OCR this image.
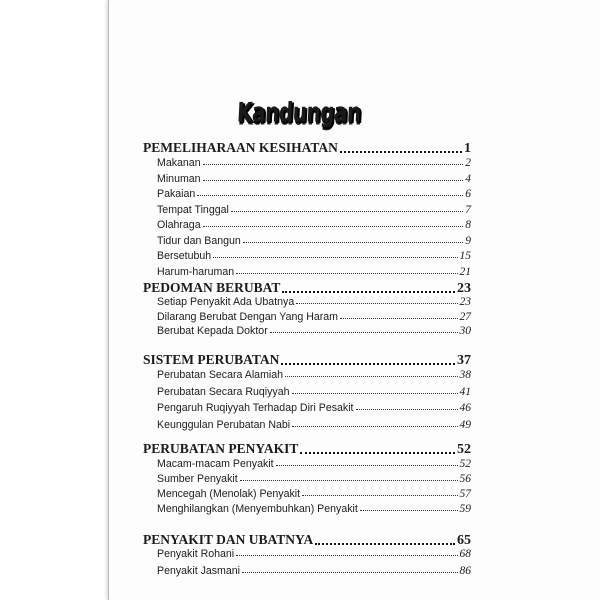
Kandungan
PEMELIHARAAN KESIHATAN	1
Makanan	2
Minuman	4
Pakaian	6
Tempat Tinggal	7
Olahraga	8
Tidur dan Bangun	9
Bersetubuh	15
Harum-haruman	21
PEDOMAN BERUBAT	23
Setiap Penyakit Ada Ubatnya	23
Dilarang Berubat Dengan Yang Haram	27
Berubat Kepada Doktor	30
SISTEM PERUBATAN	37
Perubatan Secara Alamiah	38
Perubatan Secara Ruqiyyah	41
Pengaruh Ruqiyyah Terhadap Diri Pesakit	46
Keunggulan Perubatan Nabi	49
PERUBATAN PENYAKIT	52
Macam-macam Penyakit	52
Sumber Penyakit	56
Mencegah (Menolak) Penyakit	57
Menghilangkan (Menyembuhkan) Penyakit	59
PENYAKIT DAN UBATNYA	65
Penyakit Rohani	68
Penyakit Jasmani	86
